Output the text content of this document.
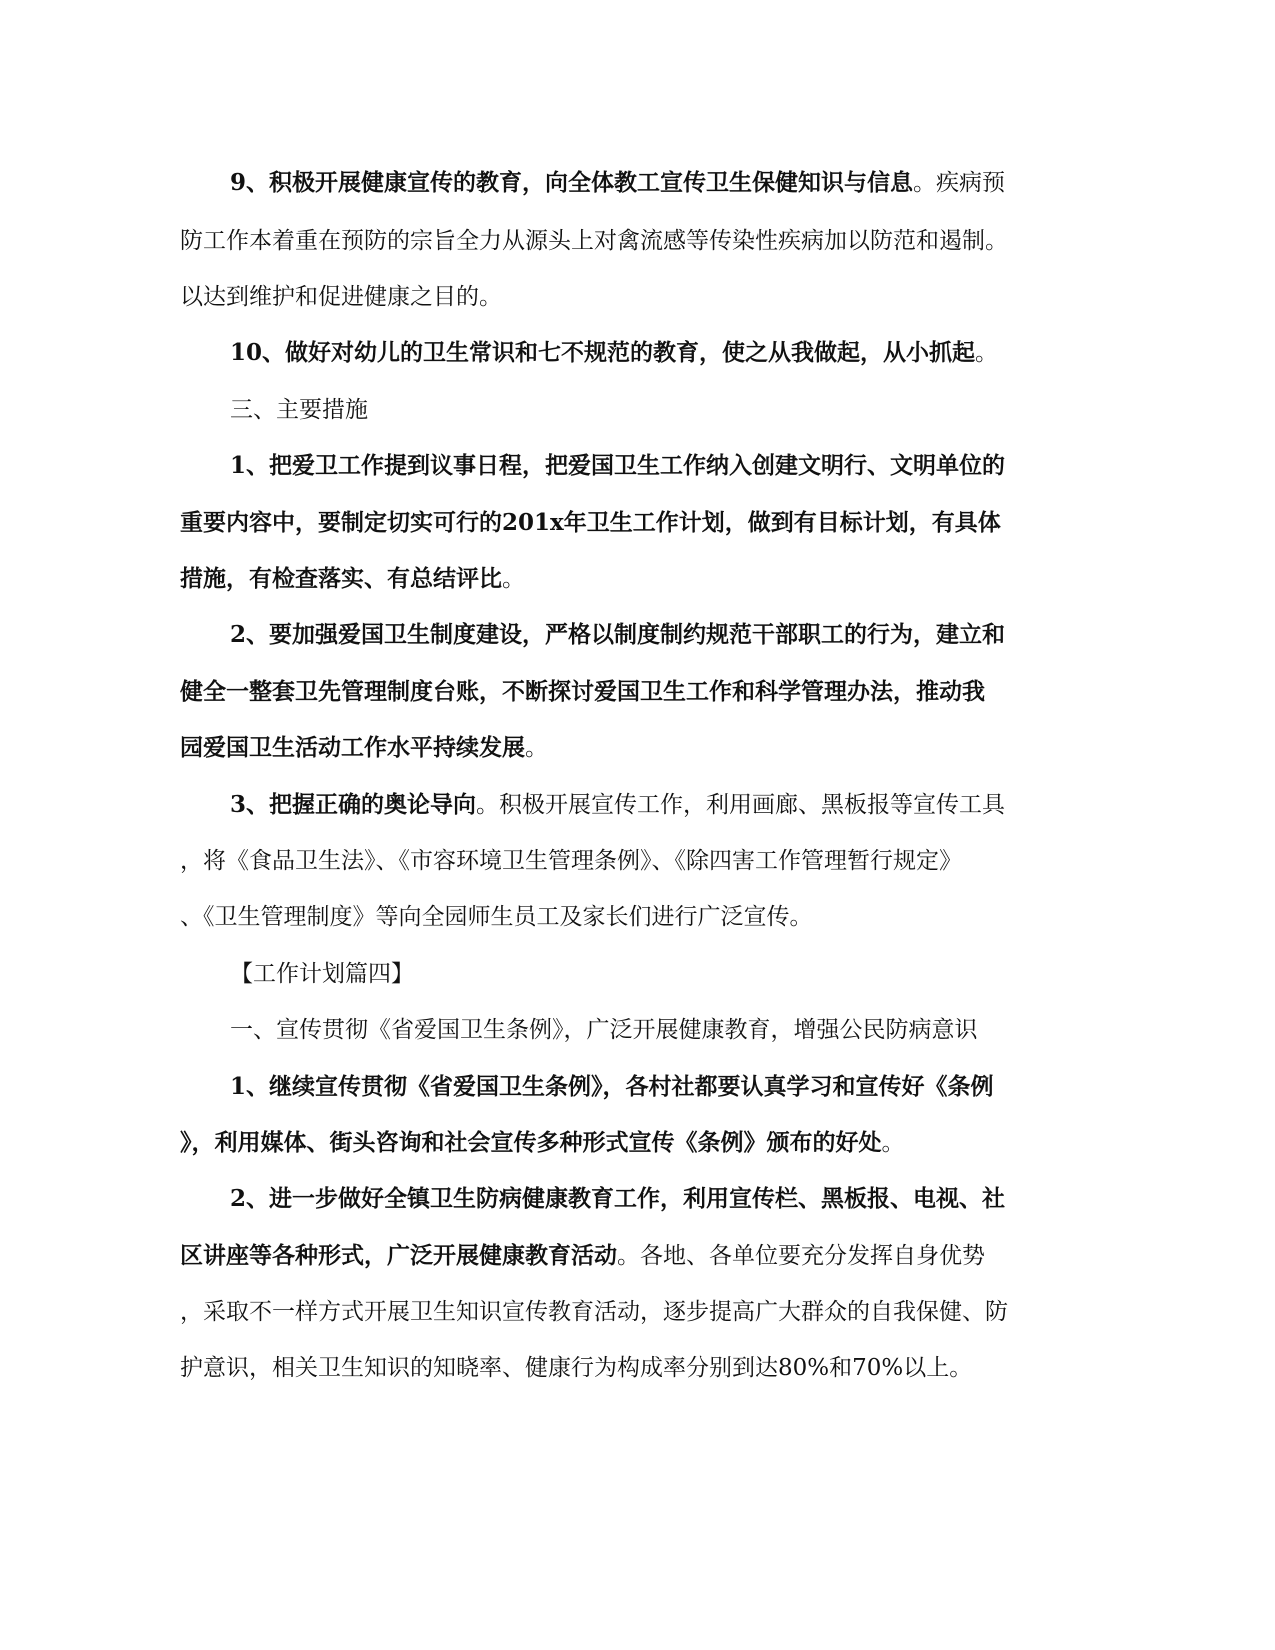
9、积极开展健康宣传的教育，向全体教工宣传卫生保健知识与信息。疾病预
防工作本着重在预防的宗旨全力从源头上对禽流感等传染性疾病加以防范和遏制。
以达到维护和促进健康之目的。
10、做好对幼儿的卫生常识和七不规范的教育，使之从我做起，从小抓起。
三、主要措施
1、把爱卫工作提到议事日程，把爱国卫生工作纳入创建文明行、文明单位的
重要内容中，要制定切实可行的201x年卫生工作计划，做到有目标计划，有具体
措施，有检查落实、有总结评比。
2、要加强爱国卫生制度建设，严格以制度制约规范干部职工的行为，建立和
健全一整套卫先管理制度台账，不断探讨爱国卫生工作和科学管理办法，推动我
园爱国卫生活动工作水平持续发展。
3、把握正确的奥论导向。积极开展宣传工作，利用画廊、黑板报等宣传工具
，将《食品卫生法》、《市容环境卫生管理条例》、《除四害工作管理暂行规定》
、《卫生管理制度》等向全园师生员工及家长们进行广泛宣传。
【工作计划篇四】
一、宣传贯彻《省爱国卫生条例》，广泛开展健康教育，增强公民防病意识
1、继续宣传贯彻《省爱国卫生条例》，各村社都要认真学习和宣传好《条例
》，利用媒体、街头咨询和社会宣传多种形式宣传《条例》颁布的好处。
2、进一步做好全镇卫生防病健康教育工作，利用宣传栏、黑板报、电视、社
区讲座等各种形式，广泛开展健康教育活动。各地、各单位要充分发挥自身优势
，采取不一样方式开展卫生知识宣传教育活动，逐步提高广大群众的自我保健、防
护意识，相关卫生知识的知晓率、健康行为构成率分别到达80%和70%以上。
